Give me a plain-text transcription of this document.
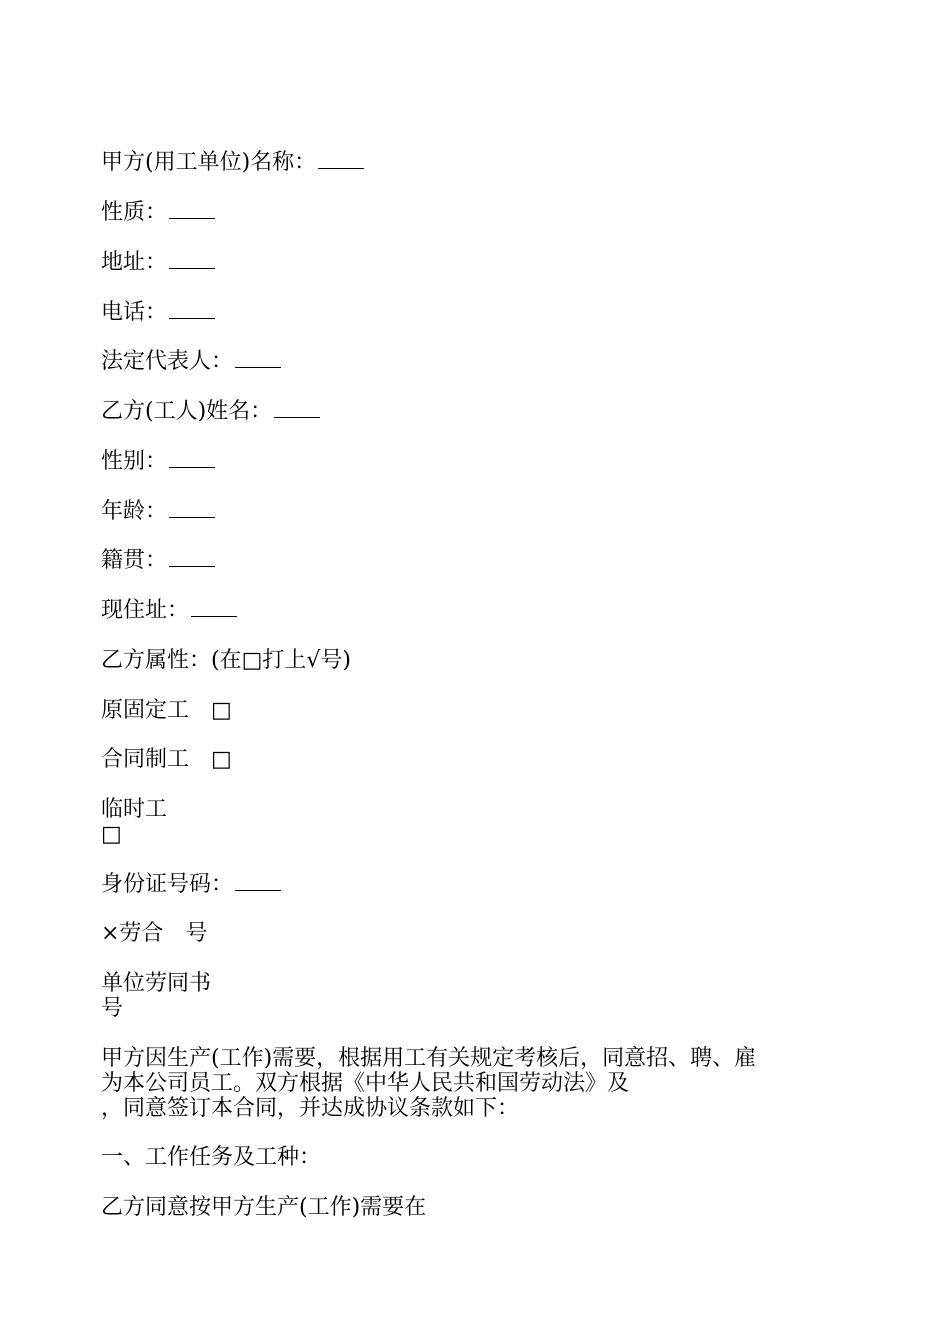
甲方(用工单位)名称：
性质：
地址：
电话：
法定代表人：
乙方(工人)姓名：
性别：
年龄：
籍贯：
现住址：
乙方属性：(在□打上√号)
原固定工 □
合同制工 □
临时工
□
身份证号码：
×劳合 号
单位劳同书
号
甲方因生产(工作)需要，根据用工有关规定考核后，同意招、聘、雇
为本公司员工。双方根据《中华人民共和国劳动法》及
，同意签订本合同，并达成协议条款如下：
一、工作任务及工种：
乙方同意按甲方生产(工作)需要在
